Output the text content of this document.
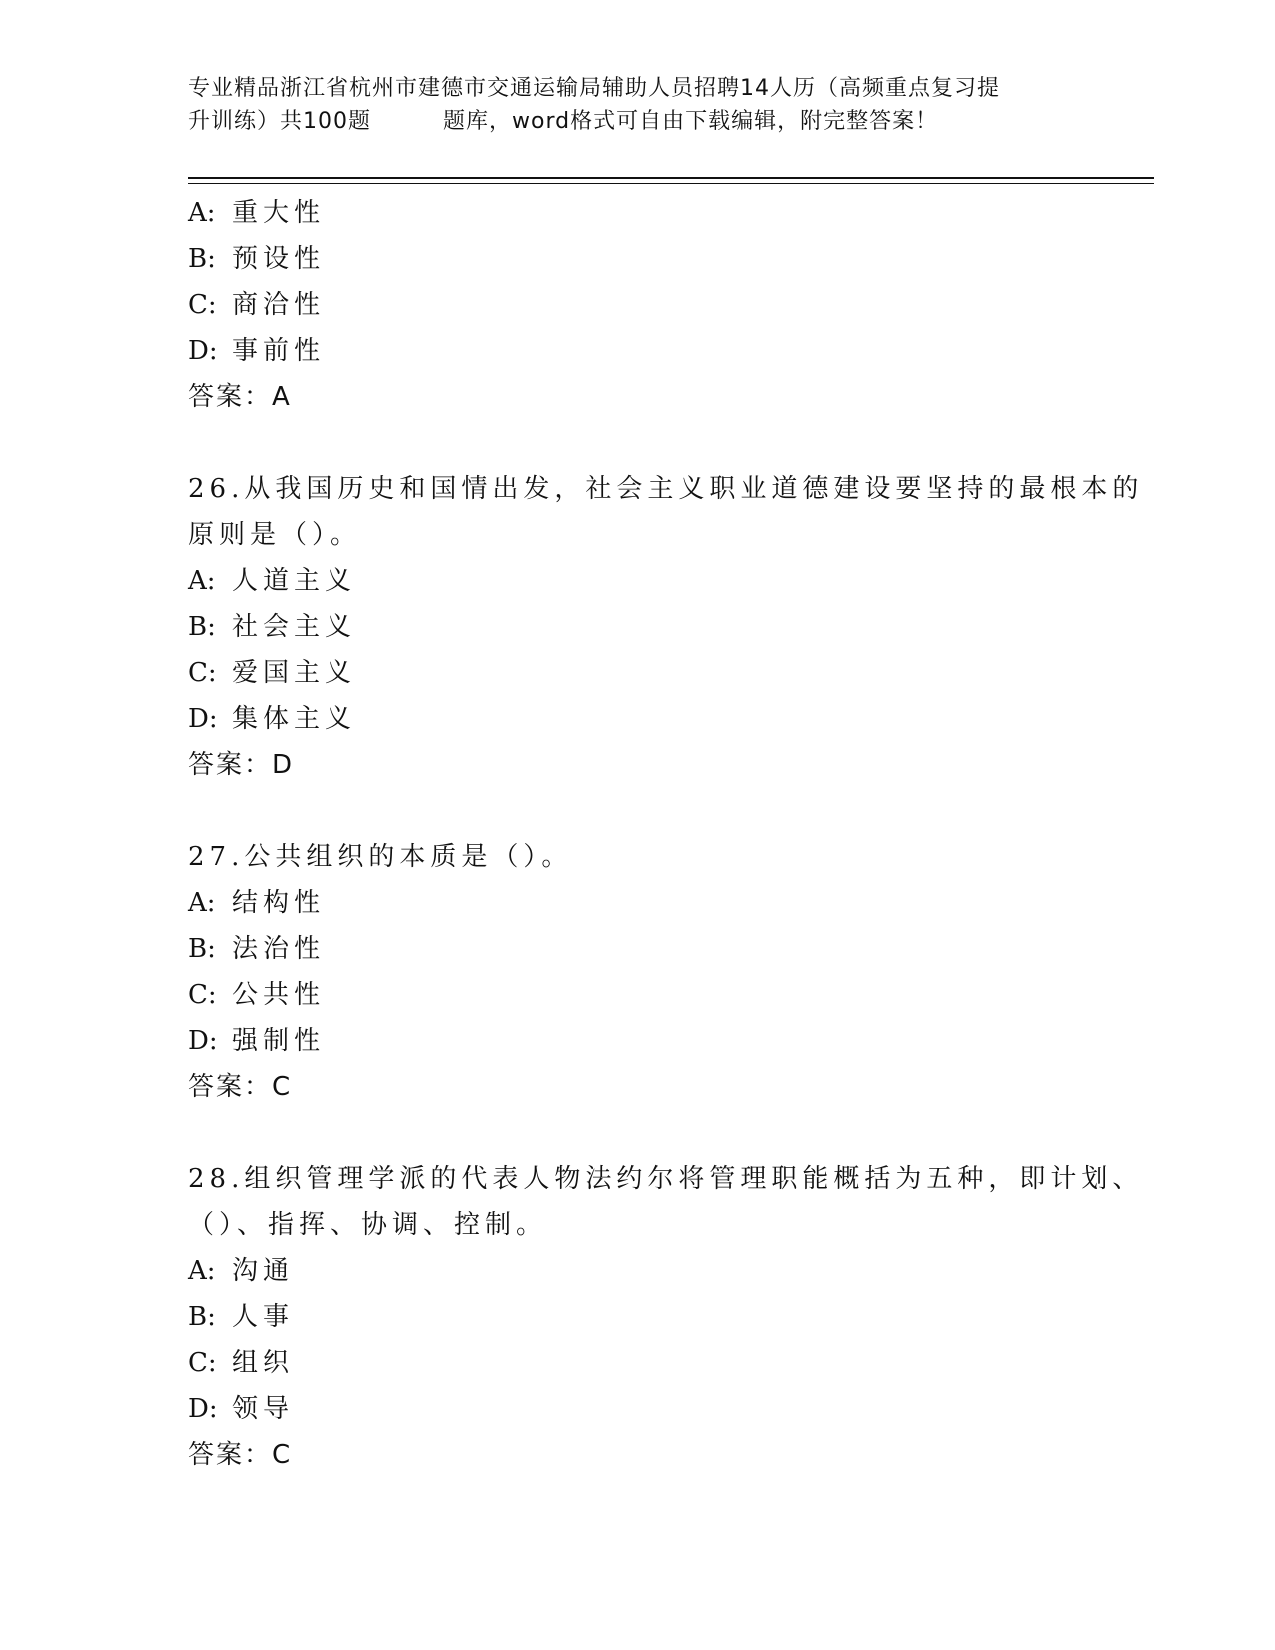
专业精品浙江省杭州市建德市交通运输局辅助人员招聘14人历（高频重点复习提
升训练）共100题	题库，word格式可自由下载编辑，附完整答案！
A: 重大性
B: 预设性
C: 商洽性
D: 事前性
答案：A
26.从我国历史和国情出发，社会主义职业道德建设要坚持的最根本的
原则是（）。
A: 人道主义
B: 社会主义
C: 爱国主义
D: 集体主义
答案：D
27.公共组织的本质是（）。
A: 结构性
B: 法治性
C: 公共性
D: 强制性
答案：C
28.组织管理学派的代表人物法约尔将管理职能概括为五种，即计划、
（）、指挥、协调、控制。
A: 沟通
B: 人事
C: 组织
D: 领导
答案：C
